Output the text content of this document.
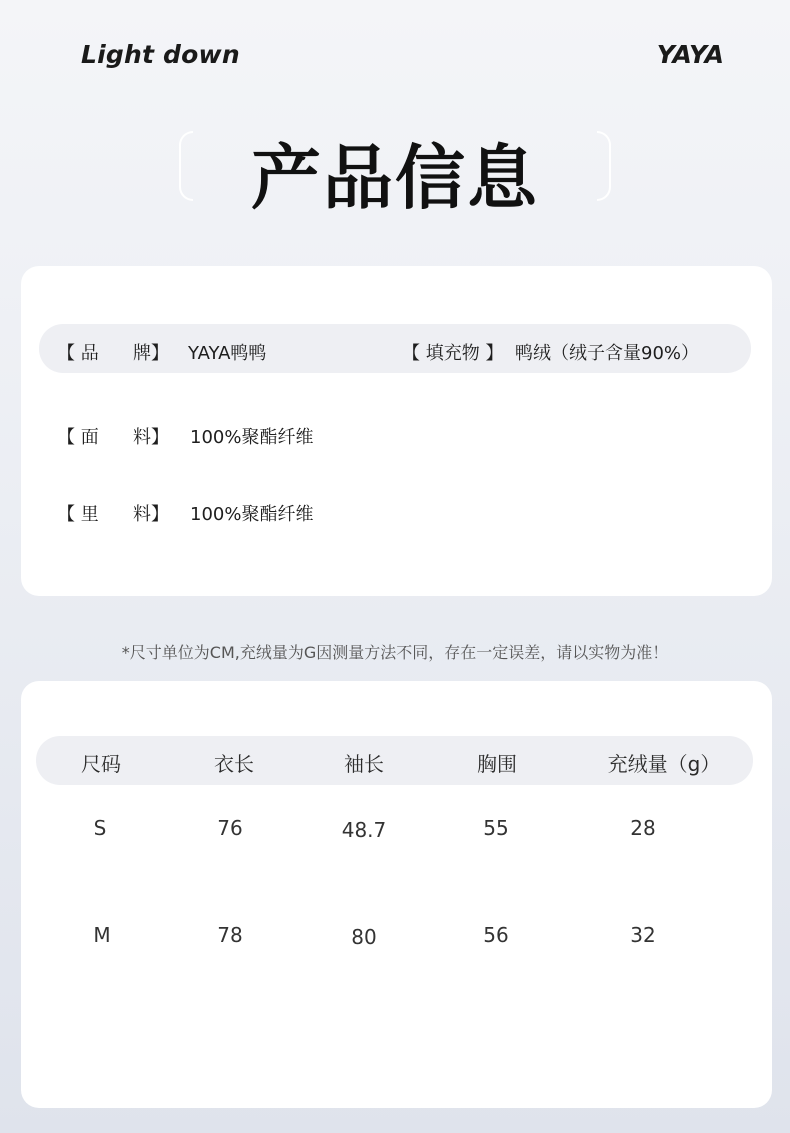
Light down	YAYA
产品信息
【 品 牌】 YAYA鸭鸭	【 填充物 】 鸭绒（绒子含量90%）
【 面 料】 100%聚酯纤维
【 里 料】 100%聚酯纤维
*尺寸单位为CM,充绒量为G因测量方法不同，存在一定误差，请以实物为准！
尺码	衣长	袖长	胸围	充绒量（g）
S	76	48.7	55	28
M	78	80	56	32
